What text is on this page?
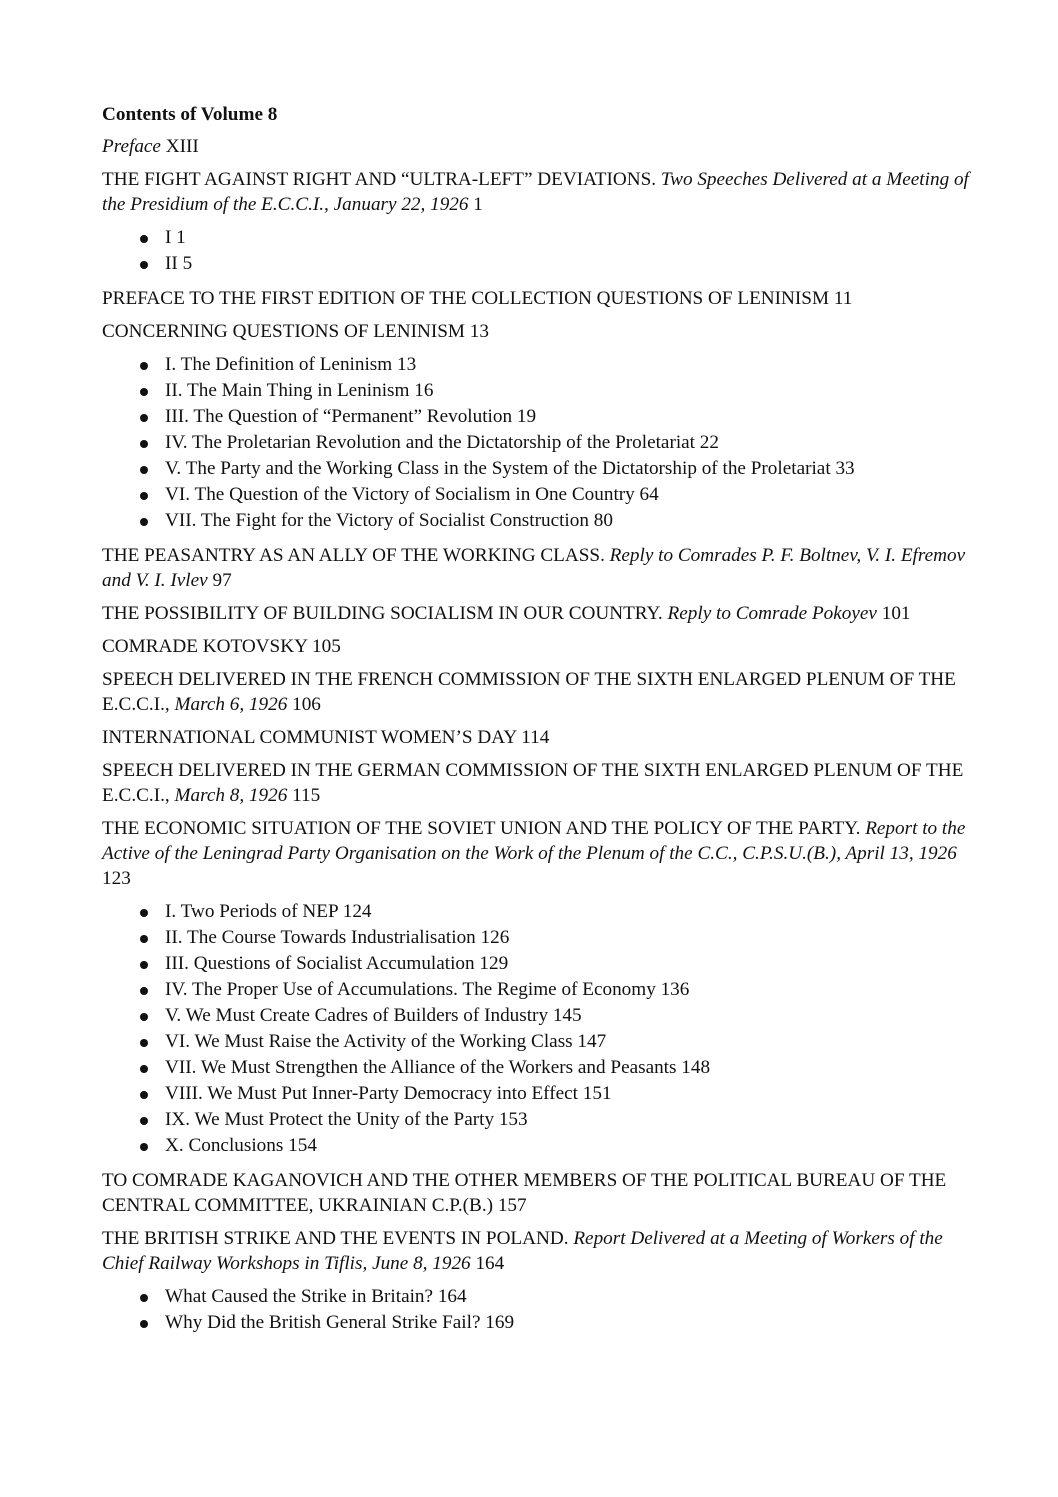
Contents of Volume 8
Preface XIII
THE FIGHT AGAINST RIGHT AND “ULTRA-LEFT” DEVIATIONS. Two Speeches Delivered at a Meeting of the Presidium of the E.C.C.I., January 22, 1926 1
I 1
II 5
PREFACE TO THE FIRST EDITION OF THE COLLECTION QUESTIONS OF LENINISM 11
CONCERNING QUESTIONS OF LENINISM 13
I. The Definition of Leninism 13
II. The Main Thing in Leninism 16
III. The Question of “Permanent” Revolution 19
IV. The Proletarian Revolution and the Dictatorship of the Proletariat 22
V. The Party and the Working Class in the System of the Dictatorship of the Proletariat 33
VI. The Question of the Victory of Socialism in One Country 64
VII. The Fight for the Victory of Socialist Construction 80
THE PEASANTRY AS AN ALLY OF THE WORKING CLASS. Reply to Comrades P. F. Boltnev, V. I. Efremov and V. I. Ivlev 97
THE POSSIBILITY OF BUILDING SOCIALISM IN OUR COUNTRY. Reply to Comrade Pokoyev 101
COMRADE KOTOVSKY 105
SPEECH DELIVERED IN THE FRENCH COMMISSION OF THE SIXTH ENLARGED PLENUM OF THE E.C.C.I., March 6, 1926 106
INTERNATIONAL COMMUNIST WOMEN’S DAY 114
SPEECH DELIVERED IN THE GERMAN COMMISSION OF THE SIXTH ENLARGED PLENUM OF THE E.C.C.I., March 8, 1926 115
THE ECONOMIC SITUATION OF THE SOVIET UNION AND THE POLICY OF THE PARTY. Report to the Active of the Leningrad Party Organisation on the Work of the Plenum of the C.C., C.P.S.U.(B.), April 13, 1926 123
I. Two Periods of NEP 124
II. The Course Towards Industrialisation 126
III. Questions of Socialist Accumulation 129
IV. The Proper Use of Accumulations. The Regime of Economy 136
V. We Must Create Cadres of Builders of Industry 145
VI. We Must Raise the Activity of the Working Class 147
VII. We Must Strengthen the Alliance of the Workers and Peasants 148
VIII. We Must Put Inner-Party Democracy into Effect 151
IX. We Must Protect the Unity of the Party 153
X. Conclusions 154
TO COMRADE KAGANOVICH AND THE OTHER MEMBERS OF THE POLITICAL BUREAU OF THE CENTRAL COMMITTEE, UKRAINIAN C.P.(B.) 157
THE BRITISH STRIKE AND THE EVENTS IN POLAND. Report Delivered at a Meeting of Workers of the Chief Railway Workshops in Tiflis, June 8, 1926 164
What Caused the Strike in Britain? 164
Why Did the British General Strike Fail? 169
